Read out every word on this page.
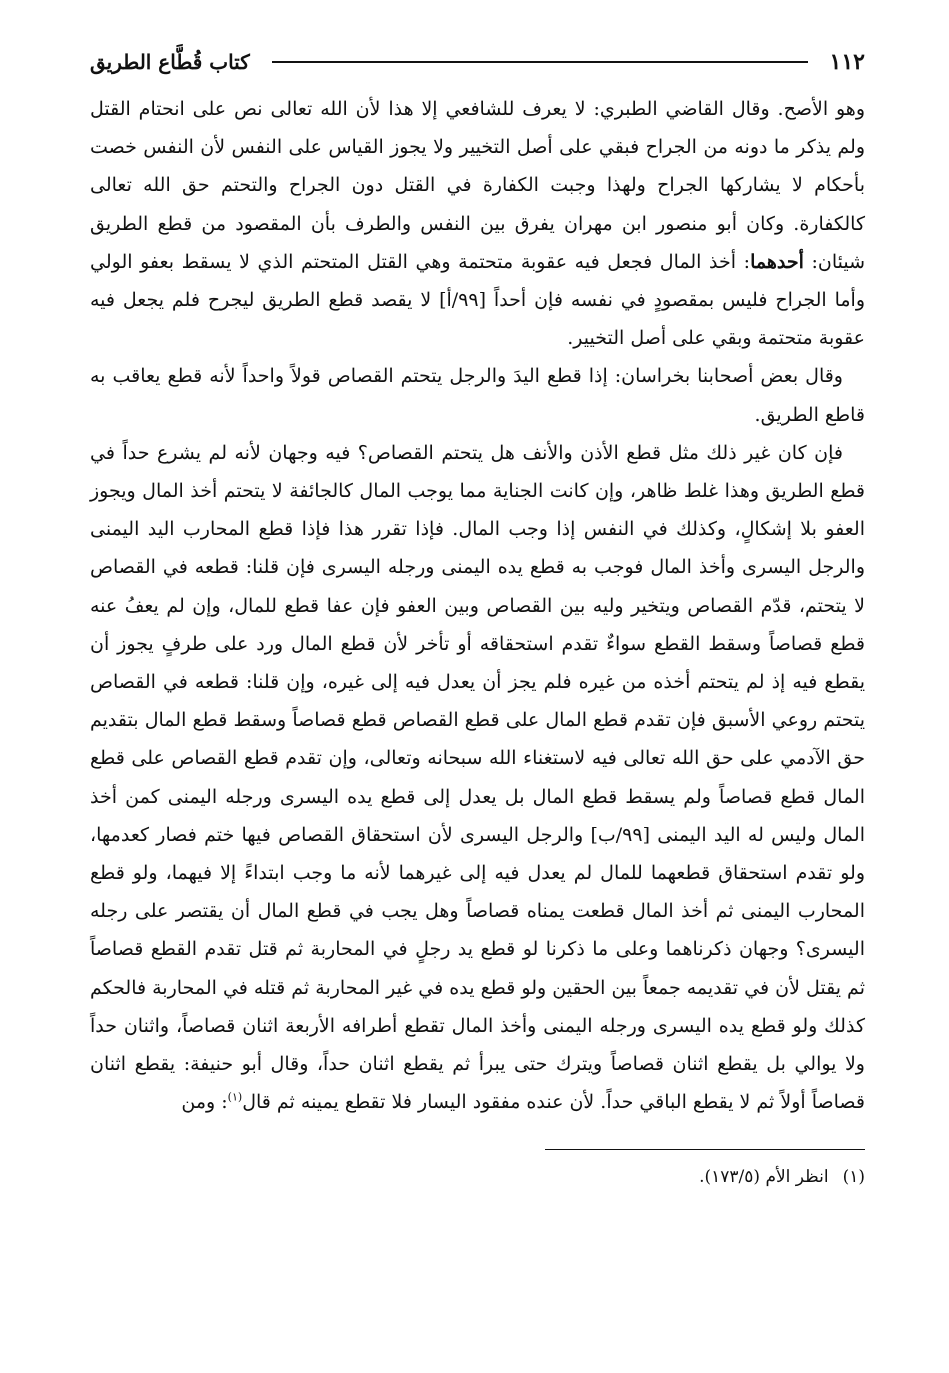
١١٢
كتاب قُطَّاع الطريق

وهو الأصح. وقال القاضي الطبري: لا يعرف للشافعي إلا هذا لأن الله تعالى نص على انحتام القتل ولم يذكر ما دونه من الجراح فبقي على أصل التخيير ولا يجوز القياس على النفس لأن النفس خصت بأحكام لا يشاركها الجراح ولهذا وجبت الكفارة في القتل دون الجراح والتحتم حق الله تعالى كالكفارة. وكان أبو منصور ابن مهران يفرق بين النفس والطرف بأن المقصود من قطع الطريق شيئان: أحدهما: أخذ المال فجعل فيه عقوبة متحتمة وهي القتل المتحتم الذي لا يسقط بعفو الولي وأما الجراح فليس بمقصودٍ في نفسه فإن أحداً [٩٩/أ] لا يقصد قطع الطريق ليجرح فلم يجعل فيه عقوبة متحتمة وبقي على أصل التخيير.

وقال بعض أصحابنا بخراسان: إذا قطع اليدَ والرجل يتحتم القصاص قولاً واحداً لأنه قطع يعاقب به قاطع الطريق.

فإن كان غير ذلك مثل قطع الأذن والأنف هل يتحتم القصاص؟ فيه وجهان لأنه لم يشرع حداً في قطع الطريق وهذا غلط ظاهر، وإن كانت الجناية مما يوجب المال كالجائفة لا يتحتم أخذ المال ويجوز العفو بلا إشكالٍ، وكذلك في النفس إذا وجب المال. فإذا تقرر هذا فإذا قطع المحارب اليد اليمنى والرجل اليسرى وأخذ المال فوجب به قطع يده اليمنى ورجله اليسرى فإن قلنا: قطعه في القصاص لا يتحتم، قدّم القصاص ويتخير وليه بين القصاص وبين العفو فإن عفا قطع للمال، وإن لم يعفُ عنه قطع قصاصاً وسقط القطع سواءٌ تقدم استحقاقه أو تأخر لأن قطع المال ورد على طرفٍ يجوز أن يقطع فيه إذ لم يتحتم أخذه من غيره فلم يجز أن يعدل فيه إلى غيره، وإن قلنا: قطعه في القصاص يتحتم روعي الأسبق فإن تقدم قطع المال على قطع القصاص قطع قصاصاً وسقط قطع المال بتقديم حق الآدمي على حق الله تعالى فيه لاستغناء الله سبحانه وتعالى، وإن تقدم قطع القصاص على قطع المال قطع قصاصاً ولم يسقط قطع المال بل يعدل إلى قطع يده اليسرى ورجله اليمنى كمن أخذ المال وليس له اليد اليمنى [٩٩/ب] والرجل اليسرى لأن استحقاق القصاص فيها ختم فصار كعدمها، ولو تقدم استحقاق قطعهما للمال لم يعدل فيه إلى غيرهما لأنه ما وجب ابتداءً إلا فيهما، ولو قطع المحارب اليمنى ثم أخذ المال قطعت يمناه قصاصاً وهل يجب في قطع المال أن يقتصر على رجله اليسرى؟ وجهان ذكرناهما وعلى ما ذكرنا لو قطع يد رجلٍ في المحاربة ثم قتل تقدم القطع قصاصاً ثم يقتل لأن في تقديمه جمعاً بين الحقين ولو قطع يده في غير المحاربة ثم قتله في المحاربة فالحكم كذلك ولو قطع يده اليسرى ورجله اليمنى وأخذ المال تقطع أطرافه الأربعة اثنان قصاصاً، واثنان حداً ولا يوالي بل يقطع اثنان قصاصاً ويترك حتى يبرأ ثم يقطع اثنان حداً، وقال أبو حنيفة: يقطع اثنان قصاصاً أولاً ثم لا يقطع الباقي حداً. لأن عنده مفقود اليسار فلا تقطع يمينه ثم قال$^{(١)}$: ومن

(١)انظر الأم (١٧٣/٥).
